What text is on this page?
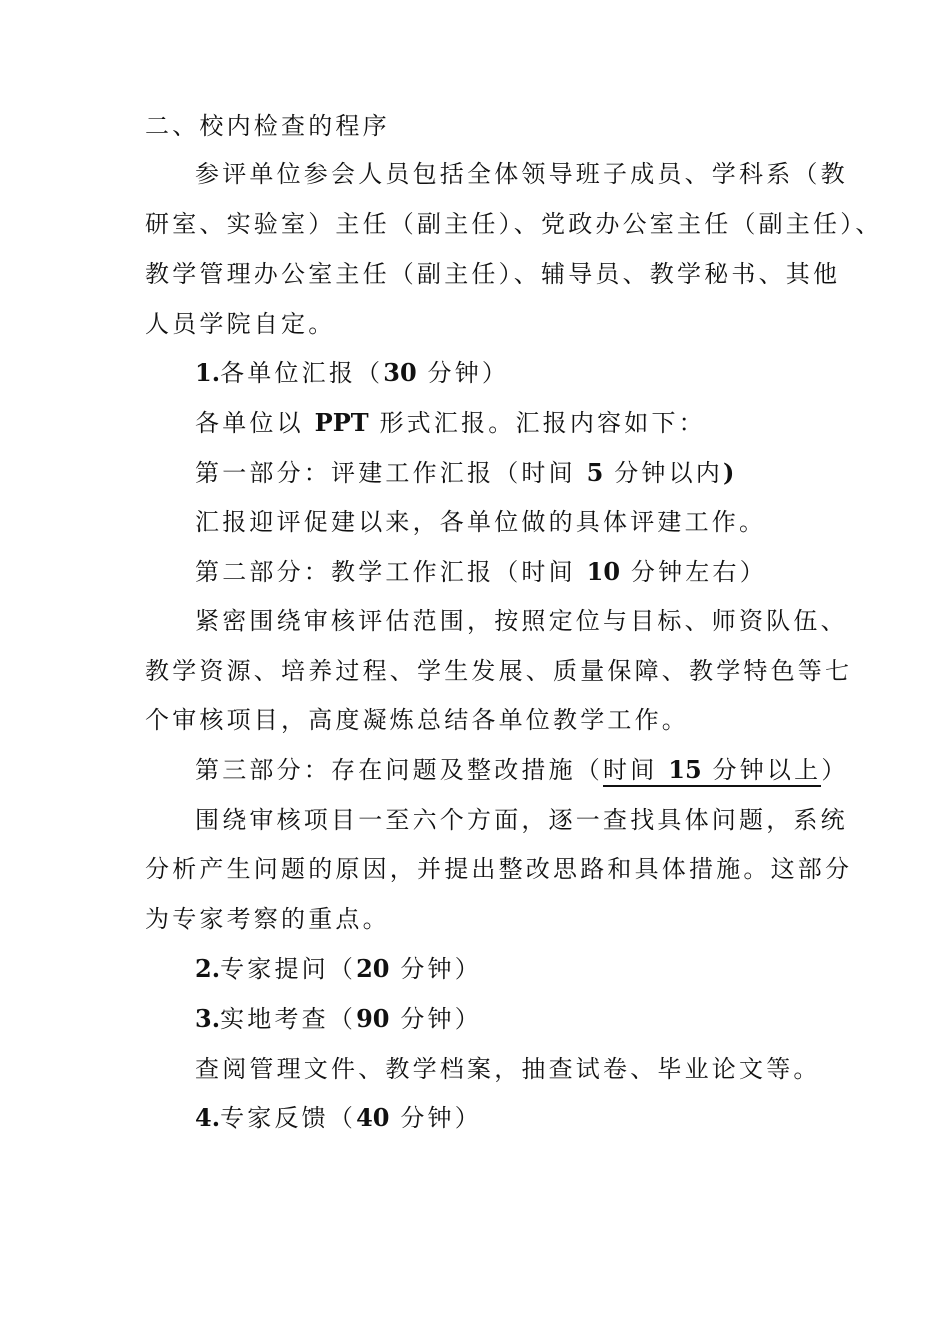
二、校内检查的程序
参评单位参会人员包括全体领导班子成员、学科系（教
研室、实验室）主任（副主任）、党政办公室主任（副主任）、
教学管理办公室主任（副主任）、辅导员、教学秘书、其他
人员学院自定。
1.各单位汇报（30 分钟）
各单位以 PPT 形式汇报。汇报内容如下：
第一部分：评建工作汇报（时间 5 分钟以内)
汇报迎评促建以来，各单位做的具体评建工作。
第二部分：教学工作汇报（时间 10 分钟左右）
紧密围绕审核评估范围，按照定位与目标、师资队伍、
教学资源、培养过程、学生发展、质量保障、教学特色等七
个审核项目，高度凝炼总结各单位教学工作。
第三部分：存在问题及整改措施（时间 15 分钟以上）
围绕审核项目一至六个方面，逐一查找具体问题，系统
分析产生问题的原因，并提出整改思路和具体措施。这部分
为专家考察的重点。
2.专家提问（20 分钟）
3.实地考查（90 分钟）
查阅管理文件、教学档案，抽查试卷、毕业论文等。
4.专家反馈（40 分钟）
